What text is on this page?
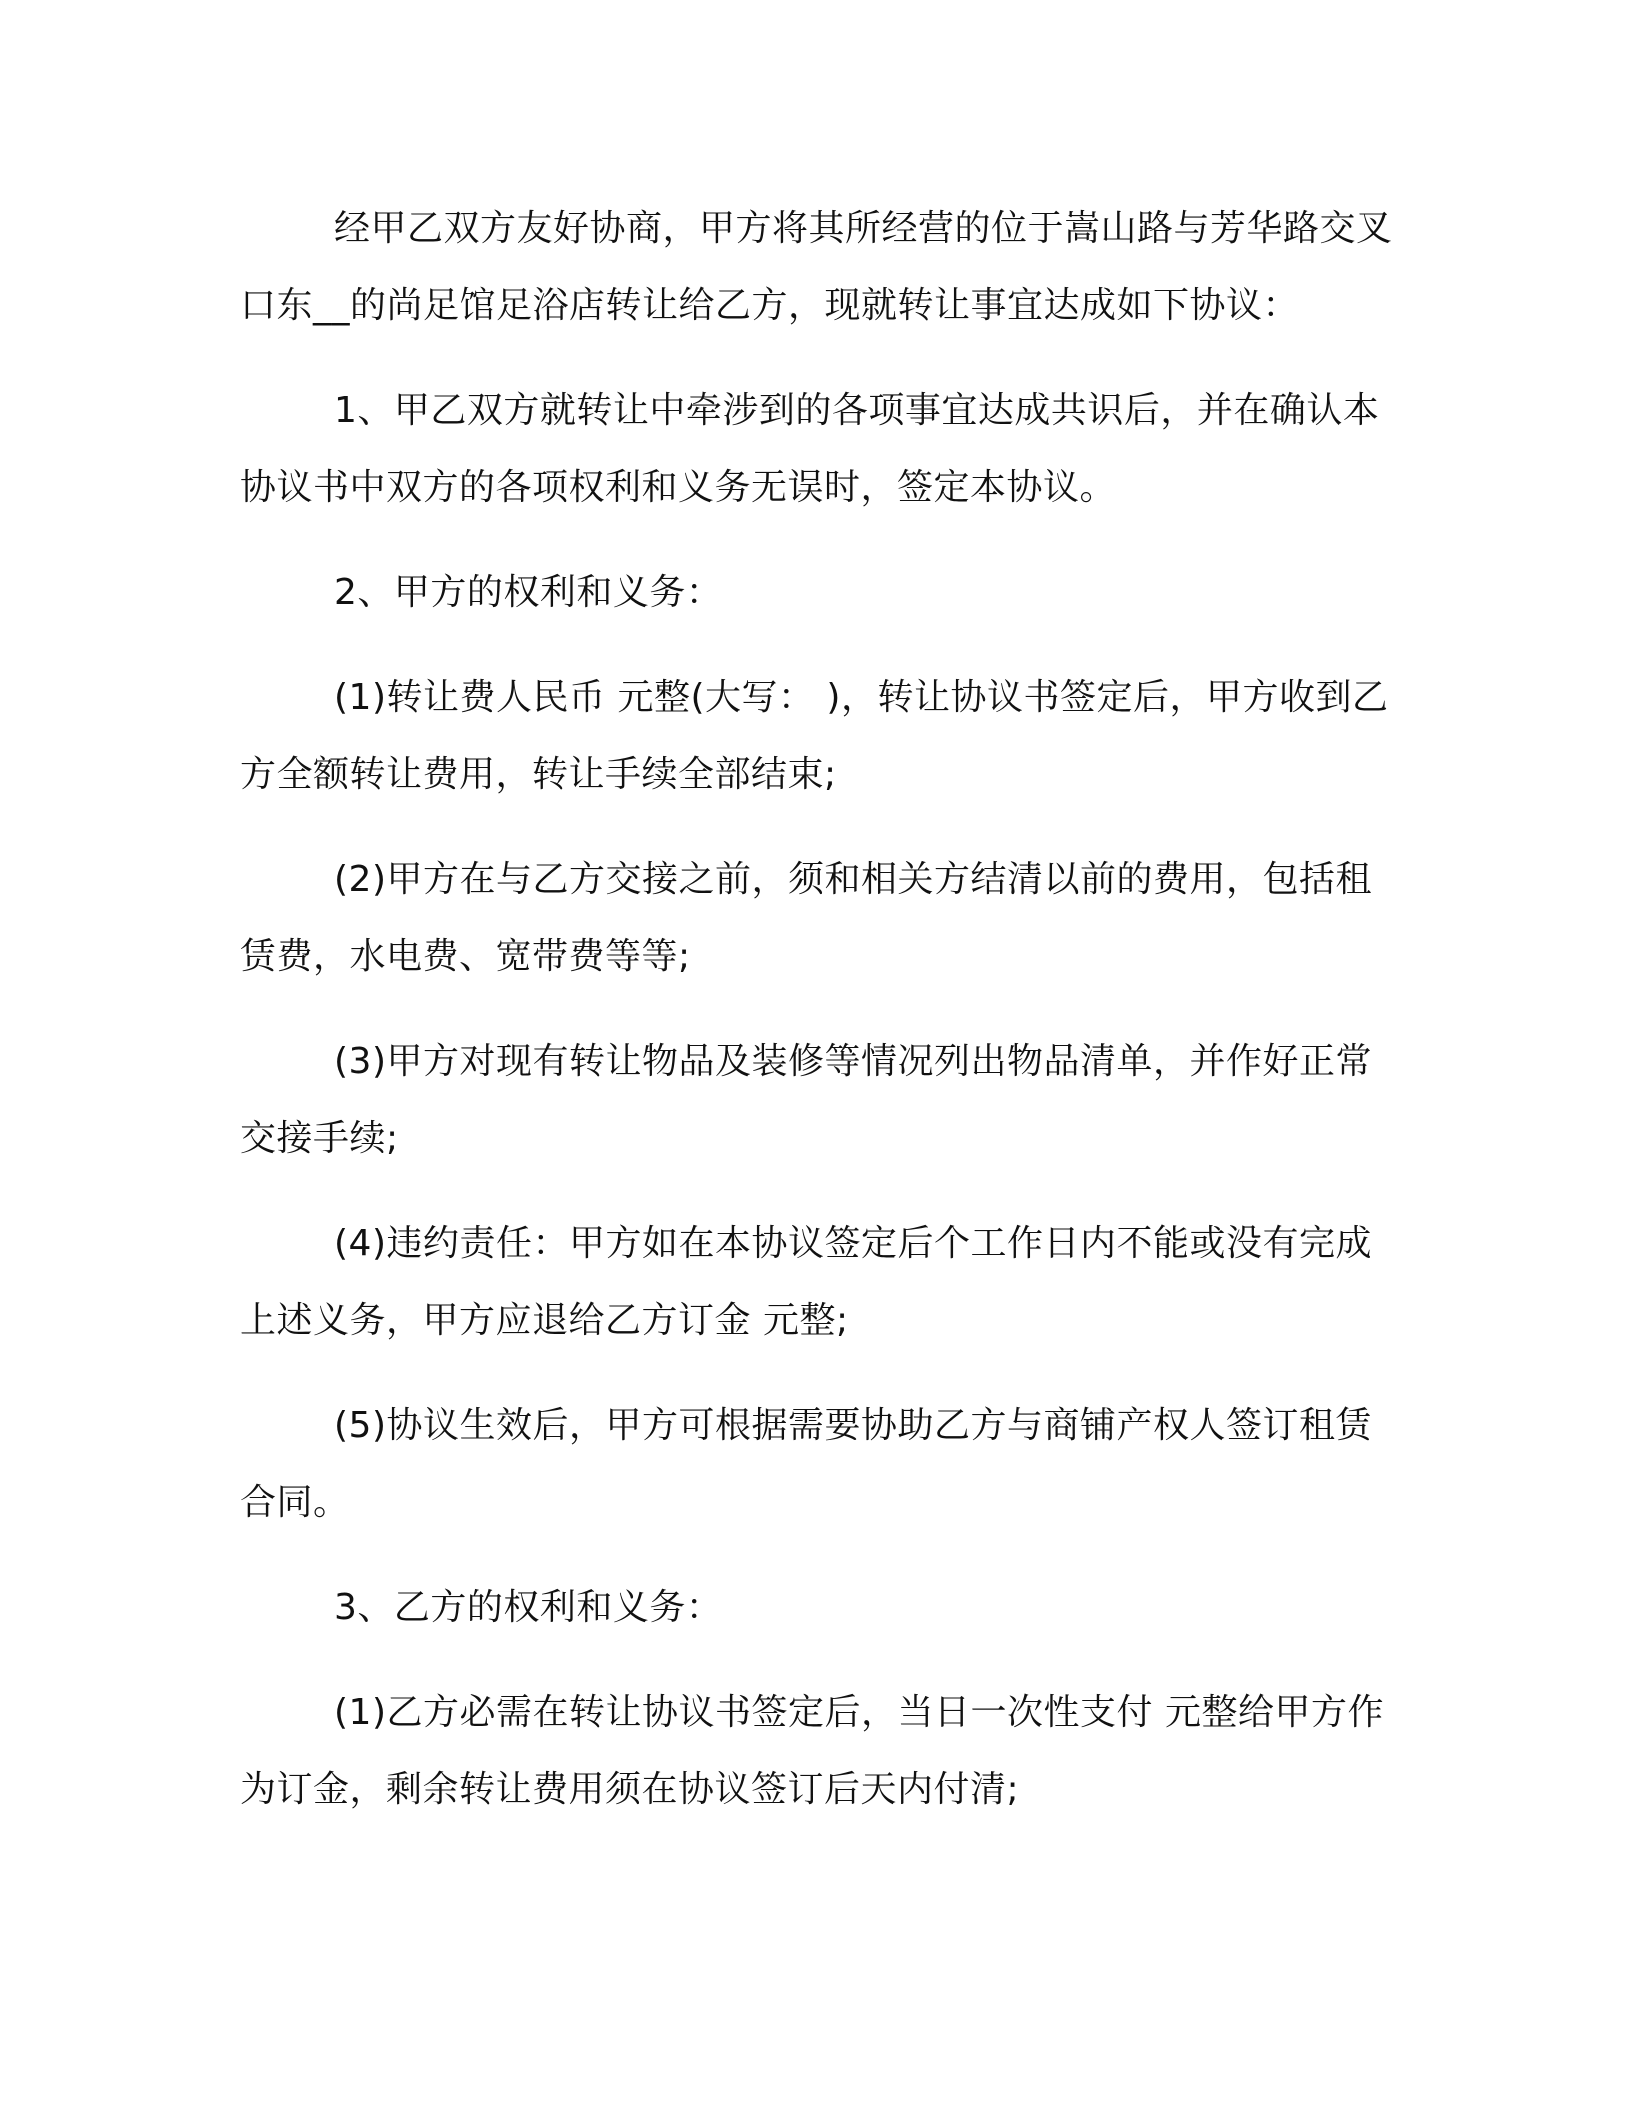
经甲乙双方友好协商，甲方将其所经营的位于嵩山路与芳华路交叉口东__的尚足馆足浴店转让给乙方，现就转让事宜达成如下协议：

1、甲乙双方就转让中牵涉到的各项事宜达成共识后，并在确认本协议书中双方的各项权利和义务无误时，签定本协议。

2、甲方的权利和义务：

(1)转让费人民币 元整(大写： )，转让协议书签定后，甲方收到乙方全额转让费用，转让手续全部结束;

(2)甲方在与乙方交接之前，须和相关方结清以前的费用，包括租赁费，水电费、宽带费等等;

(3)甲方对现有转让物品及装修等情况列出物品清单，并作好正常交接手续;

(4)违约责任：甲方如在本协议签定后个工作日内不能或没有完成上述义务，甲方应退给乙方订金 元整;

(5)协议生效后，甲方可根据需要协助乙方与商铺产权人签订租赁合同。

3、乙方的权利和义务：

(1)乙方必需在转让协议书签定后，当日一次性支付 元整给甲方作为订金，剩余转让费用须在协议签订后天内付清;
